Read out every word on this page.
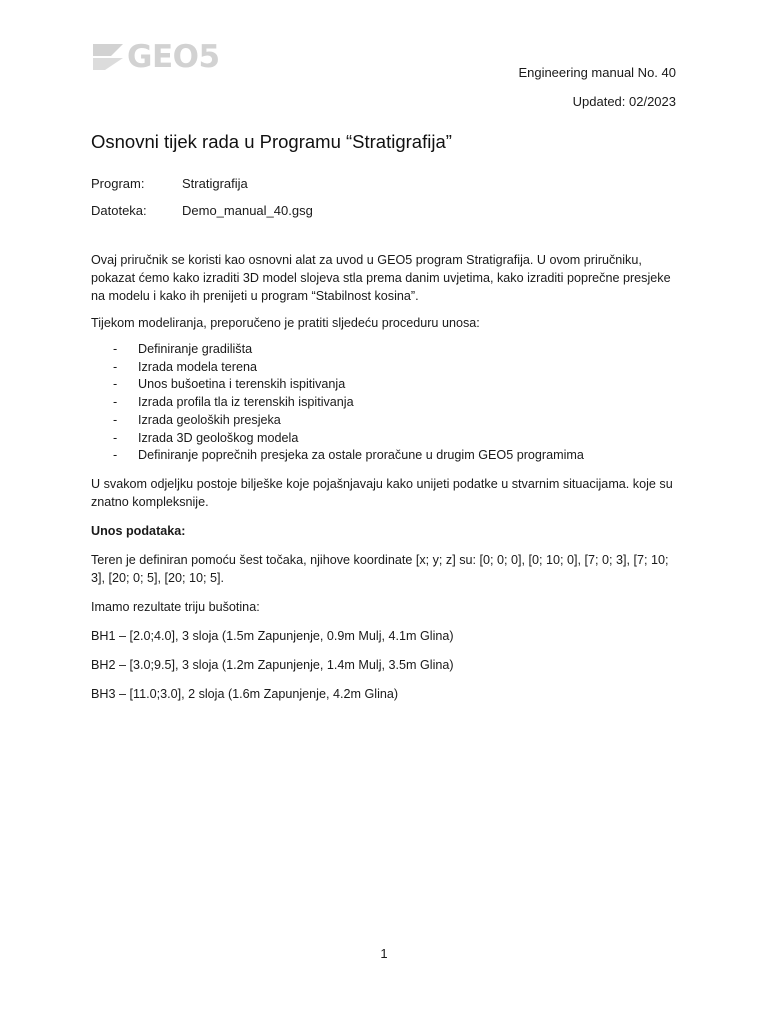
GEO5	Engineering manual No. 40
Updated: 02/2023
Osnovni tijek rada u Programu “Stratigrafija”
Program:	Stratigrafija
Datoteka:	Demo_manual_40.gsg

Ovaj priručnik se koristi kao osnovni alat za uvod u GEO5 program Stratigrafija. U ovom priručniku, pokazat ćemo kako izraditi 3D model slojeva stla prema danim uvjetima, kako izraditi poprečne presjeke na modelu i kako ih prenijeti u program “Stabilnost kosina”.

Tijekom modeliranja, preporučeno je pratiti sljedeću proceduru unosa:

-	Definiranje gradilišta
-	Izrada modela terena
-	Unos bušoetina i terenskih ispitivanja
-	Izrada profila tla iz terenskih ispitivanja
-	Izrada geoloških presjeka
-	Izrada 3D geološkog modela
-	Definiranje poprečnih presjeka za ostale proračune u drugim GEO5 programima

U svakom odjeljku postoje bilješke koje pojašnjavaju kako unijeti podatke u stvarnim situacijama. koje su znatno kompleksnije.

Unos podataka:

Teren je definiran pomoću šest točaka, njihove koordinate [x; y; z] su: [0; 0; 0], [0; 10; 0], [7; 0; 3], [7; 10; 3], [20; 0; 5], [20; 10; 5].

Imamo rezultate triju bušotina:

BH1 – [2.0;4.0], 3 sloja (1.5m Zapunjenje, 0.9m Mulj, 4.1m Glina)

BH2 – [3.0;9.5], 3 sloja (1.2m Zapunjenje, 1.4m Mulj, 3.5m Glina)

BH3 – [11.0;3.0], 2 sloja (1.6m Zapunjenje, 4.2m Glina)

1
